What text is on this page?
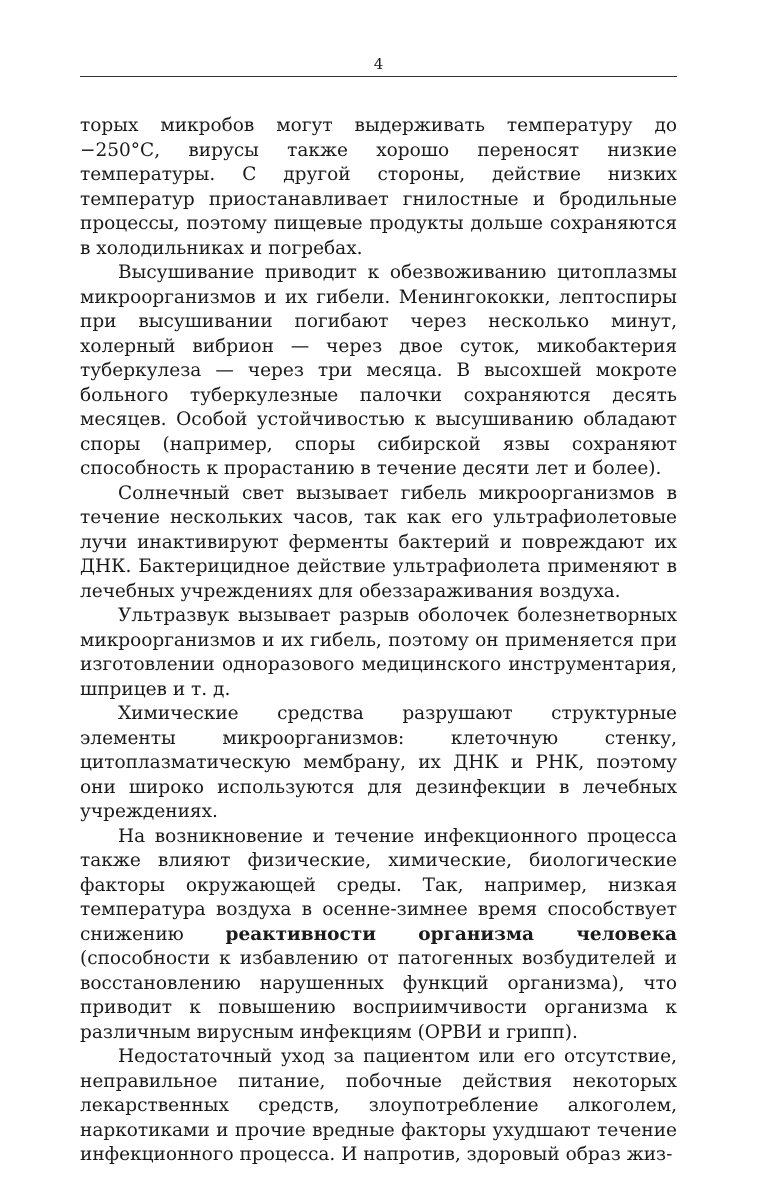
4

торых микробов могут выдерживать температуру до −250°С, вирусы также хорошо переносят низкие температуры. С другой стороны, действие низких температур приостанавливает гнилостные и бродильные процессы, поэтому пищевые продукты дольше сохраняются в холодильниках и погребах.

Высушивание приводит к обезвоживанию цитоплазмы микроорганизмов и их гибели. Менингококки, лептоспиры при высушивании погибают через несколько минут, холерный вибрион — через двое суток, микобактерия туберкулеза — через три месяца. В высохшей мокроте больного туберкулезные палочки сохраняются десять месяцев. Особой устойчивостью к высушиванию обладают споры (например, споры сибирской язвы сохраняют способность к прорастанию в течение десяти лет и более).

Солнечный свет вызывает гибель микроорганизмов в течение нескольких часов, так как его ультрафиолетовые лучи инактивируют ферменты бактерий и повреждают их ДНК. Бактерицидное действие ультрафиолета применяют в лечебных учреждениях для обеззараживания воздуха.

Ультразвук вызывает разрыв оболочек болезнетворных микроорганизмов и их гибель, поэтому он применяется при изготовлении одноразового медицинского инструментария, шприцев и т. д.

Химические средства разрушают структурные элементы микроорганизмов: клеточную стенку, цитоплазматическую мембрану, их ДНК и РНК, поэтому они широко используются для дезинфекции в лечебных учреждениях.

На возникновение и течение инфекционного процесса также влияют физические, химические, биологические факторы окружающей среды. Так, например, низкая температура воздуха в осенне-зимнее время способствует снижению реактивности организма человека (способности к избавлению от патогенных возбудителей и восстановлению нарушенных функций организма), что приводит к повышению восприимчивости организма к различным вирусным инфекциям (ОРВИ и грипп).

Недостаточный уход за пациентом или его отсутствие, неправильное питание, побочные действия некоторых лекарственных средств, злоупотребление алкоголем, наркотиками и прочие вредные факторы ухудшают течение инфекционного процесса. И напротив, здоровый образ жиз-
